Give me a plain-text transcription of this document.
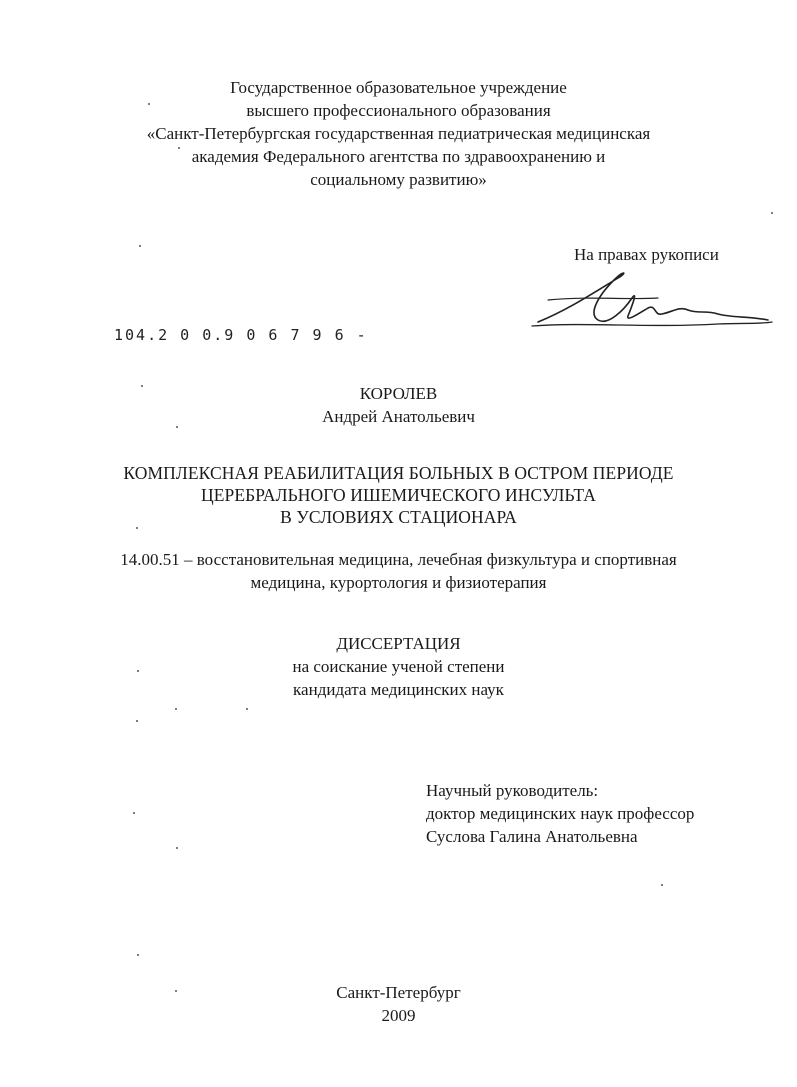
Государственное образовательное учреждение
высшего профессионального образования
«Санкт-Петербургская государственная педиатрическая медицинская
академия Федерального агентства по здравоохранению и
социальному развитию»
На правах рукописи
104.2 0 0.9 0 6 7 9 6 -
КОРОЛЕВ
Андрей Анатольевич
КОМПЛЕКСНАЯ РЕАБИЛИТАЦИЯ БОЛЬНЫХ В ОСТРОМ ПЕРИОДЕ
ЦЕРЕБРАЛЬНОГО ИШЕМИЧЕСКОГО ИНСУЛЬТА
В УСЛОВИЯХ СТАЦИОНАРА
14.00.51 – восстановительная медицина, лечебная физкультура и спортивная
медицина, курортология и физиотерапия
ДИССЕРТАЦИЯ
на соискание ученой степени
кандидата медицинских наук
Научный руководитель:
доктор медицинских наук профессор
Суслова Галина Анатольевна
Санкт-Петербург
2009
